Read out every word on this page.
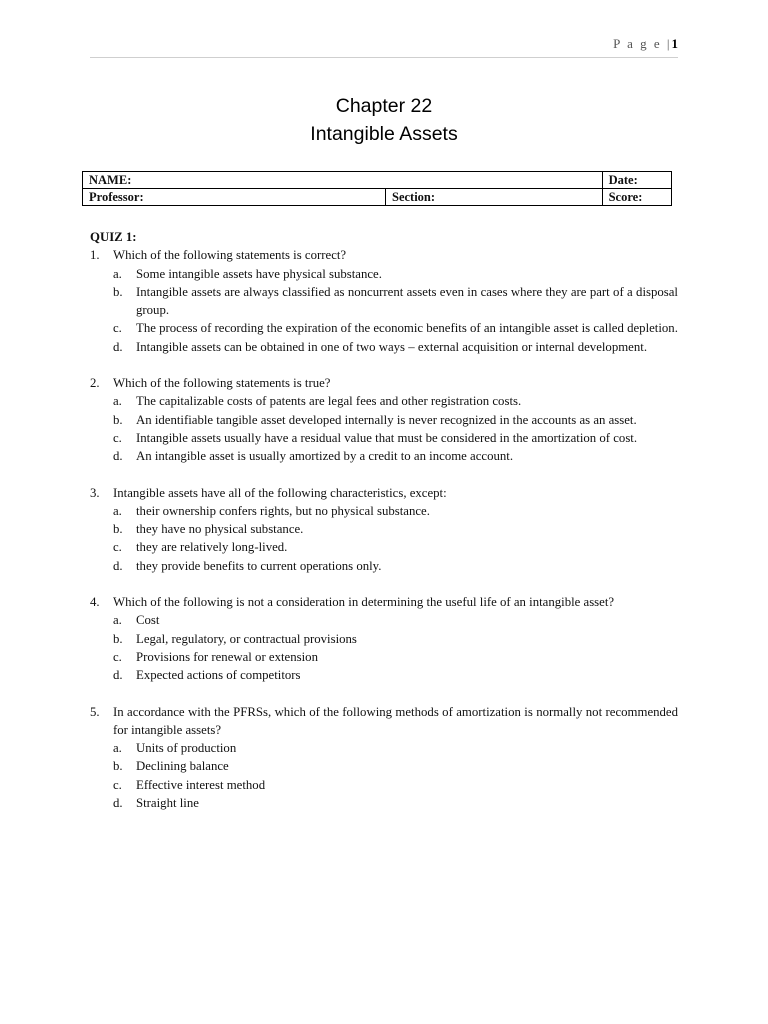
P a g e |1
Chapter 22
Intangible Assets
NAME:		Date:
Professor:	Section:	Score:
QUIZ 1:
1.	Which of the following statements is correct?
a.	Some intangible assets have physical substance.
b.	Intangible assets are always classified as noncurrent assets even in cases where they are part of a disposal group.
c.	The process of recording the expiration of the economic benefits of an intangible asset is called depletion.
d.	Intangible assets can be obtained in one of two ways – external acquisition or internal development.
2.	Which of the following statements is true?
a.	The capitalizable costs of patents are legal fees and other registration costs.
b.	An identifiable tangible asset developed internally is never recognized in the accounts as an asset.
c.	Intangible assets usually have a residual value that must be considered in the amortization of cost.
d.	An intangible asset is usually amortized by a credit to an income account.
3.	Intangible assets have all of the following characteristics, except:
a.	their ownership confers rights, but no physical substance.
b.	they have no physical substance.
c.	they are relatively long-lived.
d.	they provide benefits to current operations only.
4.	Which of the following is not a consideration in determining the useful life of an intangible asset?
a.	Cost
b.	Legal, regulatory, or contractual provisions
c.	Provisions for renewal or extension
d.	Expected actions of competitors
5.	In accordance with the PFRSs, which of the following methods of amortization is normally not recommended for intangible assets?
a.	Units of production
b.	Declining balance
c.	Effective interest method
d.	Straight line
